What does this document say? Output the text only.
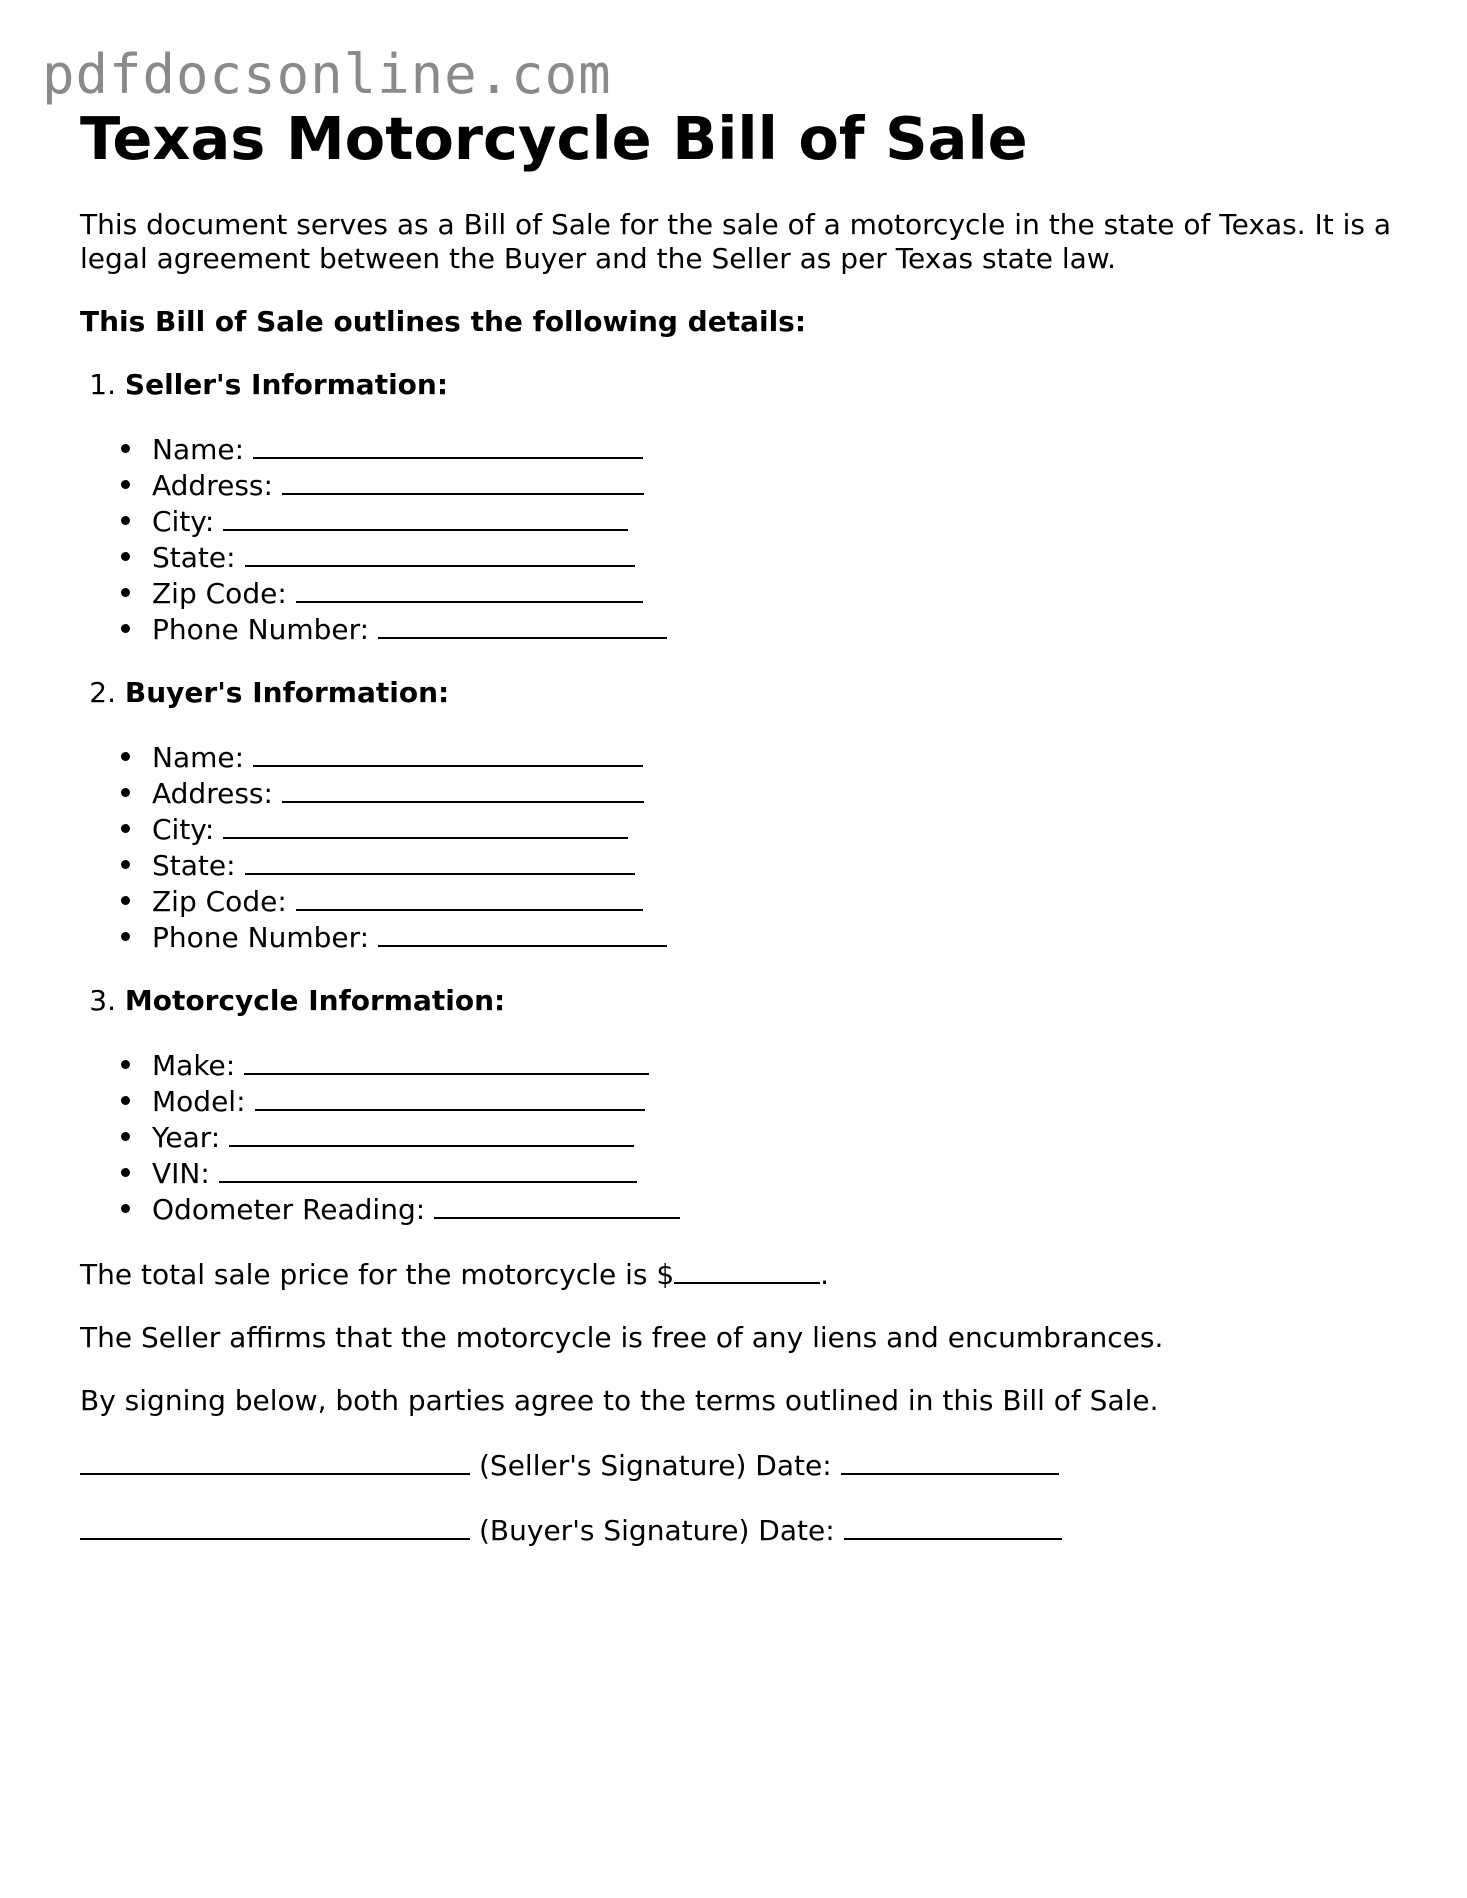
pdfdocsonline.com
Texas Motorcycle Bill of Sale

This document serves as a Bill of Sale for the sale of a motorcycle in the state of Texas. It is a legal agreement between the Buyer and the Seller as per Texas state law.

This Bill of Sale outlines the following details:

1. Seller's Information:
Name:
Address:
City:
State:
Zip Code:
Phone Number:
2. Buyer's Information:
Name:
Address:
City:
State:
Zip Code:
Phone Number:
3. Motorcycle Information:
Make:
Model:
Year:
VIN:
Odometer Reading:

The total sale price for the motorcycle is $	.

The Seller affirms that the motorcycle is free of any liens and encumbrances.

By signing below, both parties agree to the terms outlined in this Bill of Sale.

(Seller's Signature) Date:

(Buyer's Signature) Date:
